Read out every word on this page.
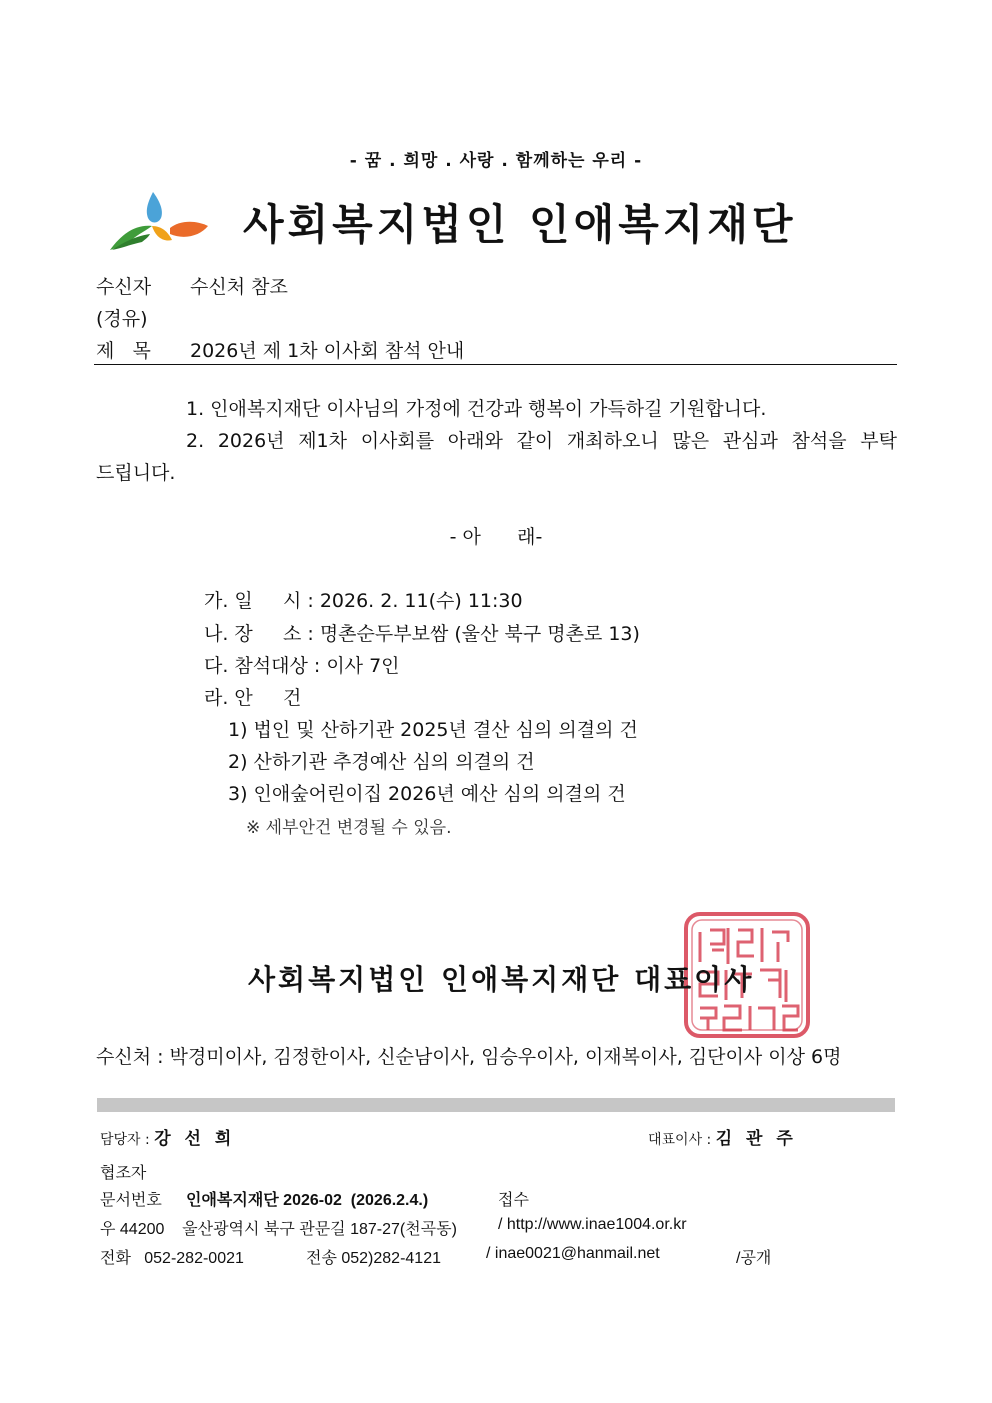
- 꿈 . 희망 . 사랑 . 함께하는 우리 -
사회복지법인 인애복지재단
수신자 수신처 참조
(경유)
제   목 2026년 제 1차 이사회 참석 안내
1. 인애복지재단 이사님의 가정에 건강과 행복이 가득하길 기원합니다.
2. 2026년 제1차 이사회를 아래와 같이 개최하오니 많은 관심과 참석을 부탁
드립니다.
- 아      래-
가. 일     시 : 2026. 2. 11(수) 11:30
나. 장     소 : 명촌순두부보쌈 (울산 북구 명촌로 13)
다. 참석대상 : 이사 7인
라. 안     건
1) 법인 및 산하기관 2025년 결산 심의 의결의 건
2) 산하기관 추경예산 심의 의결의 건
3) 인애숲어린이집 2026년 예산 심의 의결의 건
※ 세부안건 변경될 수 있음.
사회복지법인 인애복지재단 대표이사
수신처 : 박경미이사, 김정한이사, 신순남이사, 임승우이사, 이재복이사, 김단이사 이상 6명
담당자 : 강 선 희	대표이사 : 김 관 주
협조자
문서번호 인애복지재단 2026-02  (2026.2.4.)	접수
우 44200    울산광역시 북구 관문길 187-27(천곡동)	/ http://www.inae1004.or.kr
전화   052-282-0021	전송 052)282-4121	/ inae0021@hanmail.net	/공개
